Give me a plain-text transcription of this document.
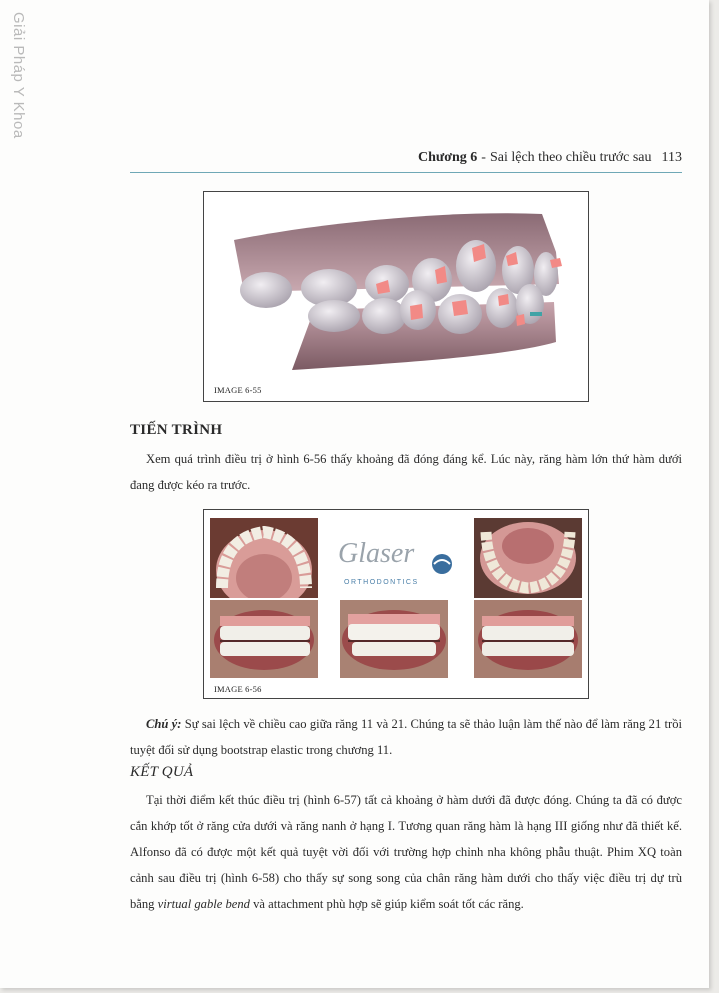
Giải Pháp Y Khoa
Chương 6 - Sai lệch theo chiều trước sau 113
IMAGE 6-55
TIẾN TRÌNH
Xem quá trình điều trị ở hình 6-56 thấy khoảng đã đóng đáng kể. Lúc này, răng hàm lớn thứ hàm dưới đang được kéo ra trước.
Glaser
ORTHODONTICS
IMAGE 6-56
Chú ý: Sự sai lệch về chiều cao giữa răng 11 và 21. Chúng ta sẽ thảo luận làm thế nào để làm răng 21 trồi tuyệt đối sử dụng bootstrap elastic trong chương 11.
KẾT QUẢ
Tại thời điểm kết thúc điều trị (hình 6-57) tất cả khoảng ở hàm dưới đã được đóng. Chúng ta đã có được cắn khớp tốt ở răng cửa dưới và răng nanh ở hạng I. Tương quan răng hàm là hạng III giống như đã thiết kế. Alfonso đã có được một kết quả tuyệt vời đối với trường hợp chỉnh nha không phẫu thuật. Phim XQ toàn cảnh sau điều trị (hình 6-58) cho thấy sự song song của chân răng hàm dưới cho thấy việc điều trị dự trù bằng virtual gable bend và attachment phù hợp sẽ giúp kiểm soát tốt các răng.
